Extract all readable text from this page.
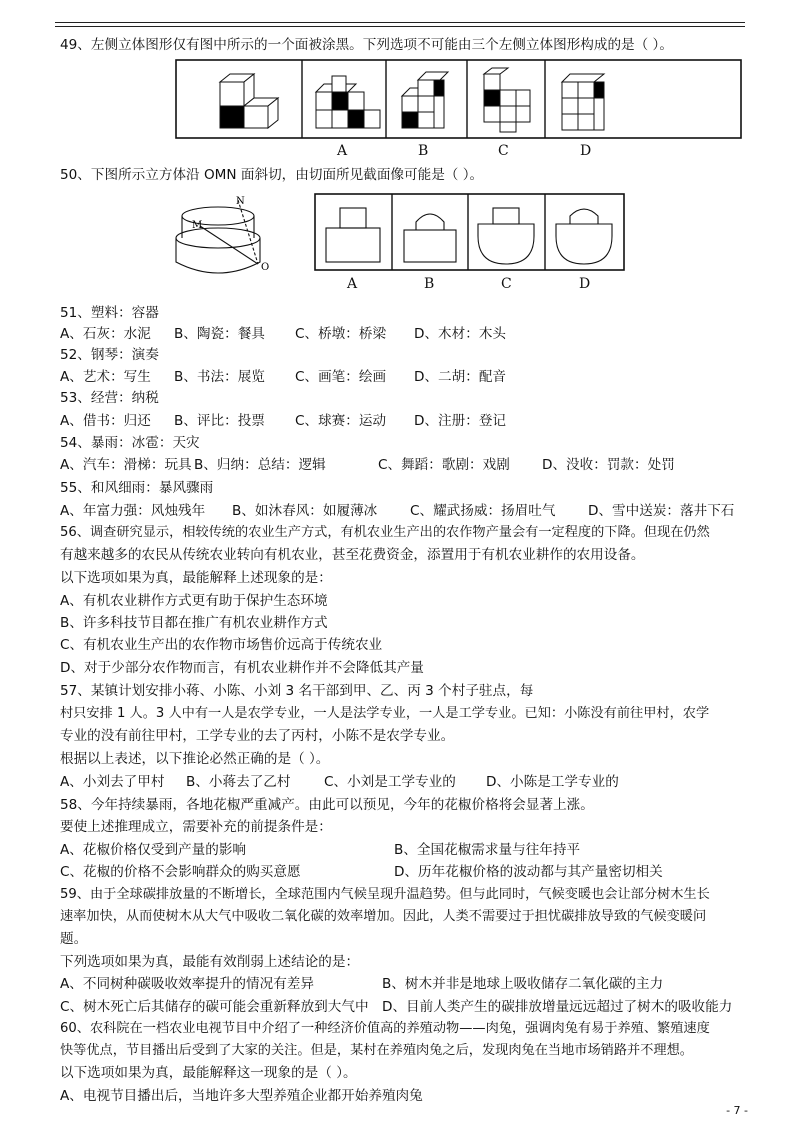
49、左侧立体图形仅有图中所示的一个面被涂黑。下列选项不可能由三个左侧立体图形构成的是（ ）。
A	B	C	D
50、下图所示立方体沿 OMN 面斜切，由切面所见截面像可能是（ ）。
N
M
O
A	B	C	D
51、塑料：容器
A、石灰：水泥 B、陶瓷：餐具 C、桥墩：桥梁 D、木材：木头
52、钢琴：演奏
A、艺术：写生 B、书法：展览 C、画笔：绘画 D、二胡：配音
53、经营：纳税
A、借书：归还 B、评比：投票 C、球赛：运动 D、注册：登记
54、暴雨：冰雹：天灾
A、汽车：滑梯：玩具 B、归纳：总结：逻辑	C、舞蹈：歌剧：戏剧 D、没收：罚款：处罚
55、和风细雨：暴风骤雨
A、年富力强：风烛残年 B、如沐春风：如履薄冰 C、耀武扬威：扬眉吐气 D、雪中送炭：落井下石
56、调查研究显示，相较传统的农业生产方式，有机农业生产出的农作物产量会有一定程度的下降。但现在仍然
有越来越多的农民从传统农业转向有机农业，甚至花费资金，添置用于有机农业耕作的农用设备。
以下选项如果为真，最能解释上述现象的是：
A、有机农业耕作方式更有助于保护生态环境
B、许多科技节目都在推广有机农业耕作方式
C、有机农业生产出的农作物市场售价远高于传统农业
D、对于少部分农作物而言，有机农业耕作并不会降低其产量
57、某镇计划安排小蒋、小陈、小刘 3 名干部到甲、乙、丙 3 个村子驻点，每
村只安排 1 人。3 人中有一人是农学专业，一人是法学专业，一人是工学专业。已知：小陈没有前往甲村，农学
专业的没有前往甲村，工学专业的去了丙村，小陈不是农学专业。
根据以上表述，以下推论必然正确的是（ ）。
A、小刘去了甲村 B、小蒋去了乙村 C、小刘是工学专业的 D、小陈是工学专业的
58、今年持续暴雨，各地花椒严重减产。由此可以预见，今年的花椒价格将会显著上涨。
要使上述推理成立，需要补充的前提条件是：
A、花椒价格仅受到产量的影响	B、全国花椒需求量与往年持平
C、花椒的价格不会影响群众的购买意愿	D、历年花椒价格的波动都与其产量密切相关
59、由于全球碳排放量的不断增长，全球范围内气候呈现升温趋势。但与此同时，气候变暖也会让部分树木生长
速率加快，从而使树木从大气中吸收二氧化碳的效率增加。因此，人类不需要过于担忧碳排放导致的气候变暖问
题。
下列选项如果为真，最能有效削弱上述结论的是：
A、不同树种碳吸收效率提升的情况有差异	B、树木并非是地球上吸收储存二氧化碳的主力
C、树木死亡后其储存的碳可能会重新释放到大气中 D、目前人类产生的碳排放增量远远超过了树木的吸收能力
60、农科院在一档农业电视节目中介绍了一种经济价值高的养殖动物——肉兔，强调肉兔有易于养殖、繁殖速度
快等优点，节目播出后受到了大家的关注。但是，某村在养殖肉兔之后，发现肉兔在当地市场销路并不理想。
以下选项如果为真，最能解释这一现象的是（ ）。
A、电视节目播出后，当地许多大型养殖企业都开始养殖肉兔
- 7 -
